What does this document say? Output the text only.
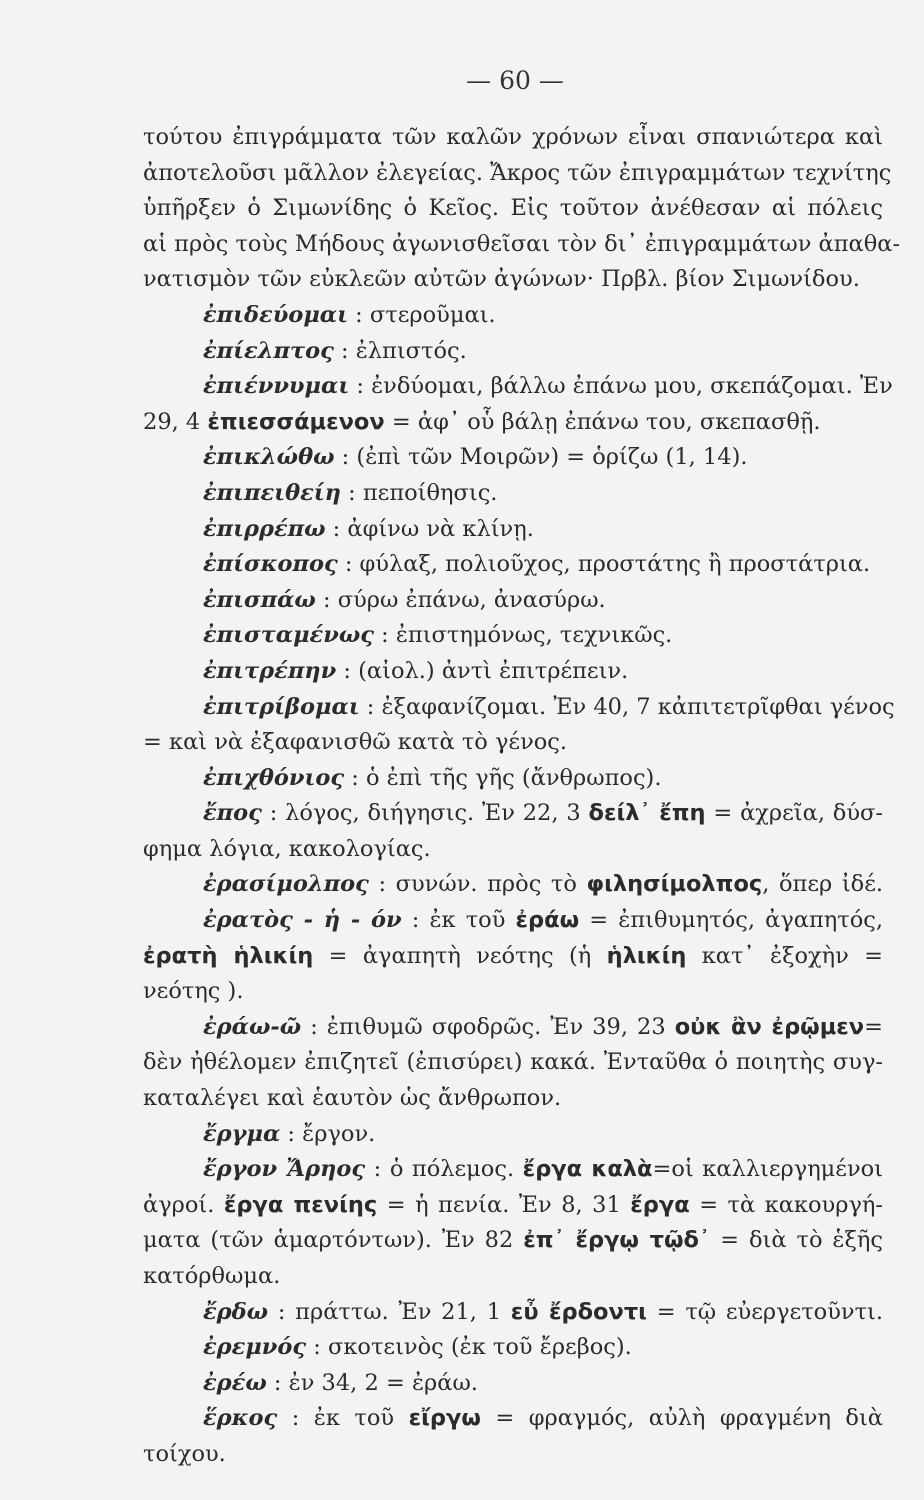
— 60 —
τούτου ἐπιγράμματα τῶν καλῶν χρόνων εἶναι σπανιώτερα καὶ
ἀποτελοῦσι μᾶλλον ἐλεγείας. Ἄκρος τῶν ἐπιγραμμάτων τεχνίτης
ὑπῆρξεν ὁ Σιμωνίδης ὁ Κεῖος. Εἰς τοῦτον ἀνέθεσαν αἱ πόλεις
αἱ πρὸς τοὺς Μήδους ἀγωνισθεῖσαι τὸν δι᾿ ἐπιγραμμάτων ἀπαθα-
νατισμὸν τῶν εὐκλεῶν αὐτῶν ἀγώνων· Πρβλ. βίον Σιμωνίδου.
ἐπιδεύομαι : στεροῦμαι.
ἐπίελπτος : ἐλπιστός.
ἐπιέννυμαι : ἐνδύομαι, βάλλω ἐπάνω μου, σκεπάζομαι. Ἐν
29, 4 ἐπιεσσάμενον = ἀφ᾿ οὗ βάλῃ ἐπάνω του, σκεπασθῇ.
ἐπικλώθω : (ἐπὶ τῶν Μοιρῶν) = ὁρίζω (1, 14).
ἐπιπειθείη : πεποίθησις.
ἐπιρρέπω : ἀφίνω νὰ κλίνῃ.
ἐπίσκοπος : φύλαξ, πολιοῦχος, προστάτης ἢ προστάτρια.
ἐπισπάω : σύρω ἐπάνω, ἀνασύρω.
ἐπισταμένως : ἐπιστημόνως, τεχνικῶς.
ἐπιτρέπην : (αἰολ.) ἀντὶ ἐπιτρέπειν.
ἐπιτρίβομαι : ἐξαφανίζομαι. Ἐν 40, 7 κἀπιτετρῖφθαι γένος
= καὶ νὰ ἐξαφανισθῶ κατὰ τὸ γένος.
ἐπιχθόνιος : ὁ ἐπὶ τῆς γῆς (ἄνθρωπος).
ἔπος : λόγος, διήγησις. Ἐν 22, 3 δείλ᾿ ἔπη = ἀχρεῖα, δύσ-
φημα λόγια, κακολογίας.
ἐρασίμολπος : συνών. πρὸς τὸ φιλησίμολπος, ὅπερ ἰδέ.
ἐρατὸς - ἡ - όν : ἐκ τοῦ ἐράω = ἐπιθυμητός, ἀγαπητός,
ἐρατὴ ἡλικίη = ἀγαπητὴ νεότης (ἡ ἡλικίη κατ᾿ ἐξοχὴν =
νεότης ).
ἐράω-ῶ : ἐπιθυμῶ σφοδρῶς. Ἐν 39, 23 οὐκ ἂν ἐρῷμεν=
δὲν ἠθέλομεν ἐπιζητεῖ (ἐπισύρει) κακά. Ἐνταῦθα ὁ ποιητὴς συγ-
καταλέγει καὶ ἑαυτὸν ὡς ἄνθρωπον.
ἔργμα : ἔργον.
ἔργον Ἄρηος : ὁ πόλεμος. ἔργα καλὰ=οἱ καλλιεργημένοι
ἀγροί. ἔργα πενίης = ἡ πενία. Ἐν 8, 31 ἔργα = τὰ κακουργή-
ματα (τῶν ἁμαρτόντων). Ἐν 82 ἐπ᾿ ἔργῳ τῷδ᾿ = διὰ τὸ ἑξῆς
κατόρθωμα.
ἔρδω : πράττω. Ἐν 21, 1 εὖ ἔρδοντι = τῷ εὐεργετοῦντι.
ἐρεμνός : σκοτεινὸς (ἐκ τοῦ ἔρεβος).
ἐρέω : ἐν 34, 2 = ἐράω.
ἕρκος : ἐκ τοῦ εἴργω = φραγμός, αὐλὴ φραγμένη διὰ
τοίχου.
